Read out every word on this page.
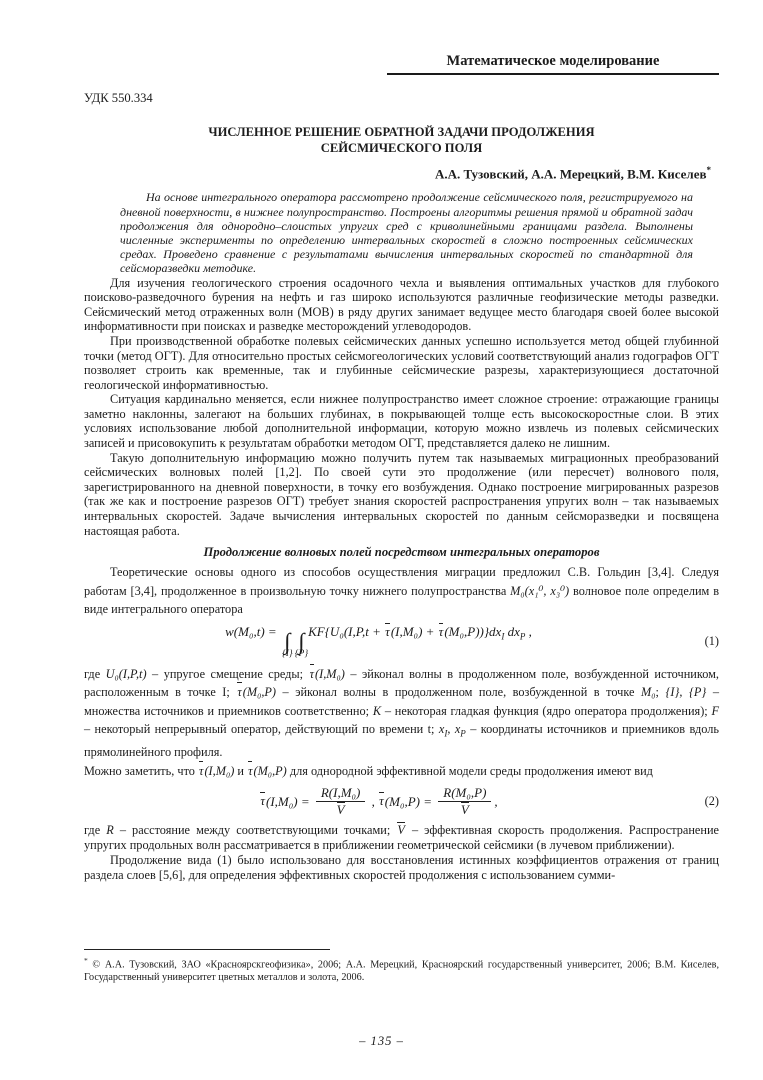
Математическое моделирование
УДК 550.334
ЧИСЛЕННОЕ РЕШЕНИЕ ОБРАТНОЙ ЗАДАЧИ ПРОДОЛЖЕНИЯ
СЕЙСМИЧЕСКОГО ПОЛЯ
А.А. Тузовский, А.А. Мерецкий, В.М. Киселев*
На основе интегрального оператора рассмотрено продолжение сейсмического поля, регистрируемого на дневной поверхности, в нижнее полупространство. Построены алгоритмы решения прямой и обратной задач продолжения для однородно–слоистых упругих сред с криволинейными границами раздела. Выполнены численные эксперименты по определению интервальных скоростей в сложно построенных сейсмических средах. Проведено сравнение с результатами вычисления интервальных скоростей по стандартной для сейсморазведки методике.

Для изучения геологического строения осадочного чехла и выявления оптимальных участков для глубокого поисково-разведочного бурения на нефть и газ широко используются различные геофизические методы разведки. Сейсмический метод отраженных волн (МОВ) в ряду других занимает ведущее место благодаря своей более высокой информативности при поисках и разведке месторождений углеводородов.

При производственной обработке полевых сейсмических данных успешно используется метод общей глубинной точки (метод ОГТ). Для относительно простых сейсмогеологических условий соответствующий анализ годографов ОГТ позволяет строить как временные, так и глубинные сейсмические разрезы, характеризующиеся достаточной геологической информативностью.

Ситуация кардинально меняется, если нижнее полупространство имеет сложное строение: отражающие границы заметно наклонны, залегают на больших глубинах, в покрывающей толще есть высокоскоростные слои. В этих условиях использование любой дополнительной информации, которую можно извлечь из полевых сейсмических записей и присовокупить к результатам обработки методом ОГТ, представляется далеко не лишним.

Такую дополнительную информацию можно получить путем так называемых миграционных преобразований сейсмических волновых полей [1,2]. По своей сути это продолжение (или пересчет) волнового поля, зарегистрированного на дневной поверхности, в точку его возбуждения. Однако построение мигрированных разрезов (так же как и построение разрезов ОГТ) требует знания скоростей распространения упругих волн – так называемых интервальных скоростей. Задаче вычисления интервальных скоростей по данным сейсморазведки и посвящена настоящая работа.

Продолжение волновых полей посредством интегральных операторов

Теоретические основы одного из способов осуществления миграции предложил С.В. Гольдин [3,4]. Следуя работам [3,4], продолженное в произвольную точку нижнего полупространства M₀(x₁⁰, x₃⁰) волновое поле определим в виде интегрального оператора

w(M₀,t) = ∫
{I} ∫
{P}
$KF\{U_0(I,P,t + \tau(I,M_0) + \tau(M_0,P))\}dx_I$ $dx_P$ ,
(1)

где U₀(I,P,t) – упругое смещение среды; τ(I,M₀) – эйконал волны в продолженном поле, возбужденной источником, расположенным в точке I; τ(M₀,P) – эйконал волны в продолженном поле, возбужденной в точке M₀; {I}, {P} – множества источников и приемников соответственно; K – некоторая гладкая функция (ядро оператора продолжения); F – некоторый непрерывный оператор, действующий по времени t; $x_I$, $x_P$ – координаты источников и приемников вдоль прямолинейного профиля.

Можно заметить, что τ(I,M₀) и τ(M₀,P) для однородной эффективной модели среды продолжения имеют вид

$\tau(I,M_0) = \frac{\text{R(I,M₀)}}{V}$ , $\tau(M_0,P) = \frac{\text{R(M₀,P)}}{V}$ ,	(2)

где R – расстояние между соответствующими точками; V – эффективная скорость продолжения. Распространение упругих продольных волн рассматривается в приближении геометрической сейсмики (в лучевом приближении).

Продолжение вида (1) было использовано для восстановления истинных коэффициентов отражения от границ раздела слоев [5,6], для определения эффективных скоростей продолжения с использованием сумми-

* © А.А. Тузовский, ЗАО «Красноярскгеофизика», 2006; А.А. Мерецкий, Красноярский государственный университет, 2006; В.М. Киселев, Государственный университет цветных металлов и золота, 2006.
– 135 –
